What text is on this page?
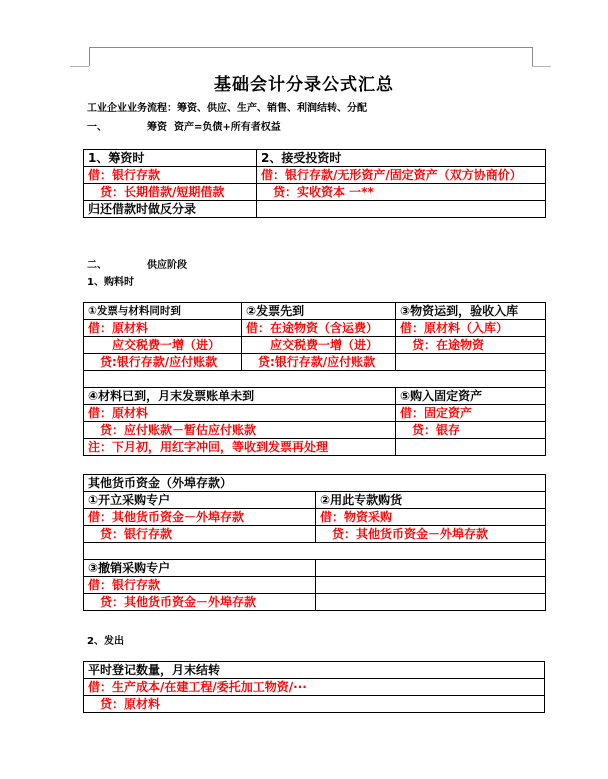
基础会计分录公式汇总
工业企业业务流程：筹资、供应、生产、销售、利润结转、分配
一、	筹资  资产=负债+所有者权益
1、筹资时	2、接受投资时
借：银行存款	借：银行存款/无形资产/固定资产（双方协商价）
贷：长期借款/短期借款	贷：实收资本 一**
归还借款时做反分录	
二、	供应阶段
1、购料时
①发票与材料同时到	②发票先到	③物资运到，验收入库
借：原材料	借：在途物资（含运费）	借：原材料（入库）
应交税费一增（进）	应交税费一增（进）	贷：在途物资
贷:银行存款/应付账款	贷:银行存款/应付账款	

④材料已到，月末发票账单未到		⑤购入固定资产
借：原材料		借：固定资产
贷：应付账款－暂估应付账款		贷：银存
注：下月初，用红字冲回，等收到发票再处理		
其他货币资金（外埠存款）	
①开立采购专户	②用此专款购货
借：其他货币资金－外埠存款	借：物资采购
贷：银行存款	贷：其他货币资金－外埠存款

③撤销采购专户	
借：银行存款	
贷：其他货币资金－外埠存款	
2、发出
平时登记数量，月末结转
借：生产成本/在建工程/委托加工物资/···
贷：原材料
